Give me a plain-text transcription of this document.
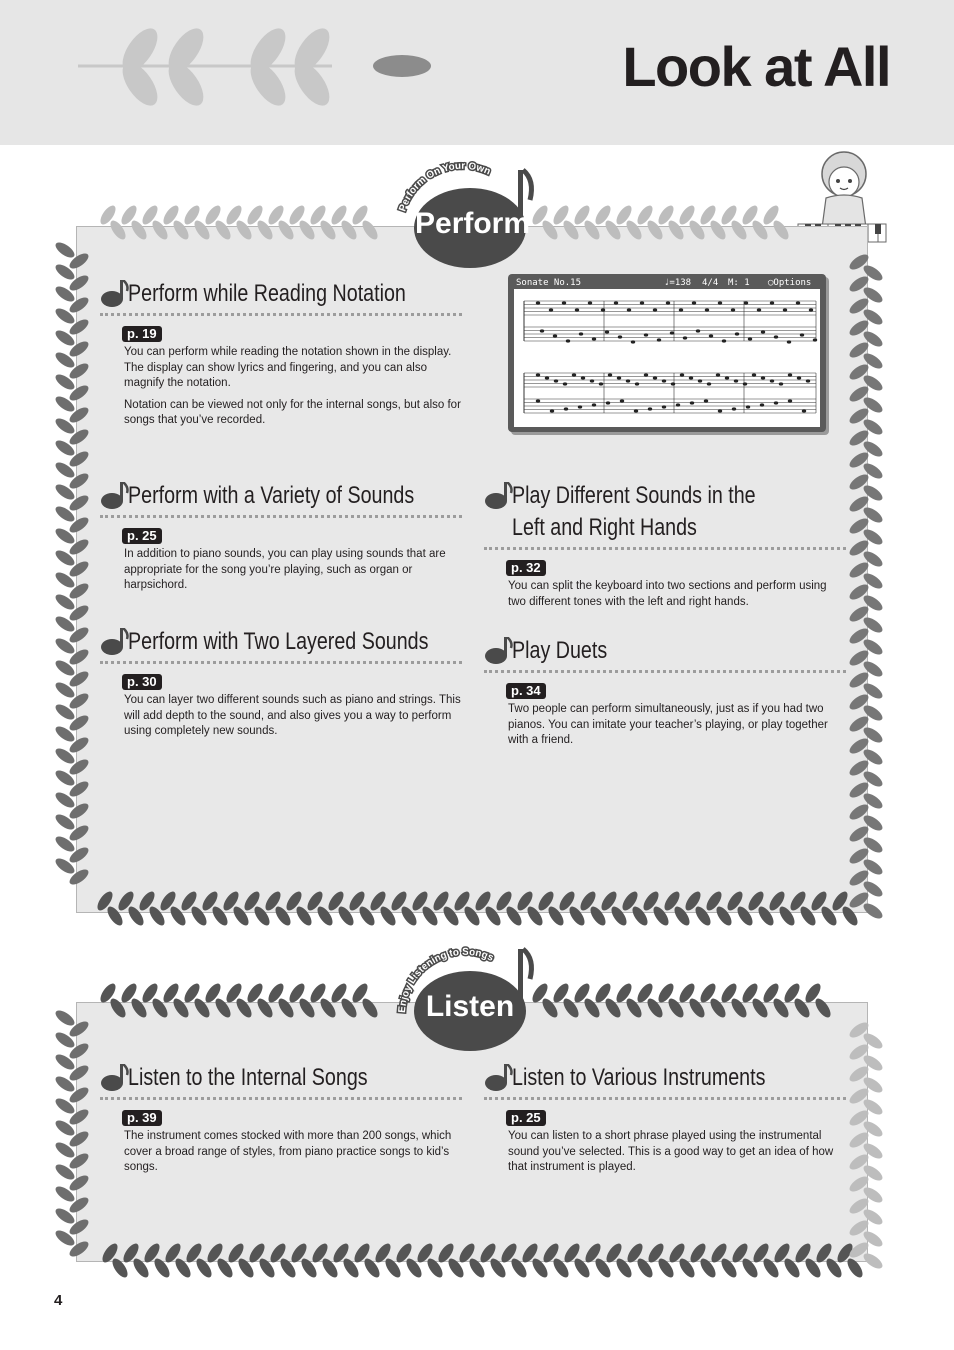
Look at All
Perform On Your Own
Perform
Enjoy Listening to Songs
Listen
Perform while Reading Notation
p. 19

You can perform while reading the notation shown in the display. The display can show lyrics and fingering, and you can also magnify the notation.

Notation can be viewed not only for the internal songs, but also for songs that you’ve recorded.

Perform with a Variety of Sounds
p. 25

In addition to piano sounds, you can play using sounds that are appropriate for the song you’re playing, such as organ or harpsichord.

Play Different Sounds in the Left and Right Hands
p. 32

You can split the keyboard into two sections and perform using two different tones with the left and right hands.

Perform with Two Layered Sounds
p. 30

You can layer two different sounds such as piano and strings. This will add depth to the sound, and also gives you a way to perform using completely new sounds.

Play Duets
p. 34

Two people can perform simultaneously, just as if you had two pianos. You can imitate your teacher’s playing, or play together with a friend.

Sonate No.15	♩=138 4/4 M: 1 ◯Options
Listen to the Internal Songs
p. 39

The instrument comes stocked with more than 200 songs, which cover a broad range of styles, from piano practice songs to kid’s songs.

Listen to Various Instruments
p. 25

You can listen to a short phrase played using the instrumental sound you’ve selected. This is a good way to get an idea of how that instrument is played.

4
